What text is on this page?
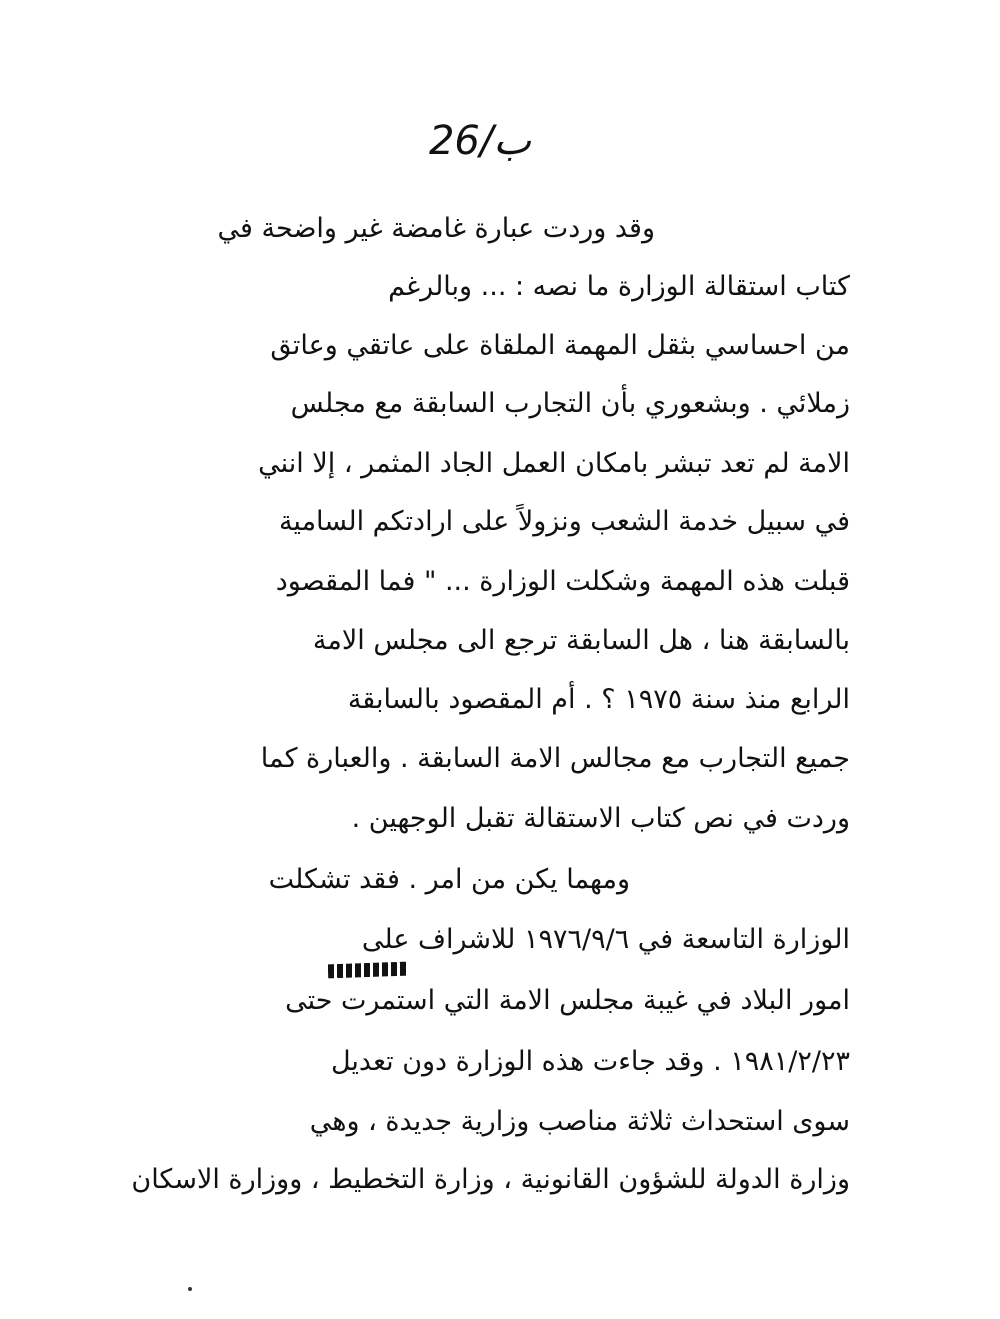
26/ب
وقد وردت عبارة غامضة غير واضحة في
كتاب استقالة الوزارة ما نصه : ... وبالرغم
من احساسي بثقل المهمة الملقاة على عاتقي وعاتق
زملائي . وبشعوري بأن التجارب السابقة مع مجلس
الامة لم تعد تبشر بامكان العمل الجاد المثمر ، إلا انني
في سبيل خدمة الشعب ونزولاً على ارادتكم السامية
قبلت هذه المهمة وشكلت الوزارة ... " فما المقصود
بالسابقة هنا ، هل السابقة ترجع الى مجلس الامة
الرابع منذ سنة ١٩٧٥ ؟ . أم المقصود بالسابقة
جميع التجارب مع مجالس الامة السابقة . والعبارة كما
وردت في نص كتاب الاستقالة تقبل الوجهين .
ومهما يكن من امر . فقد تشكلت
الوزارة التاسعة في ١٩٧٦/٩/٦ للاشراف على
امور البلاد في غيبة مجلس الامة التي استمرت حتى
١٩٨١/٢/٢٣ . وقد جاءت هذه الوزارة دون تعديل
سوى استحداث ثلاثة مناصب وزارية جديدة ، وهي
وزارة الدولة للشؤون القانونية ، وزارة التخطيط ، ووزارة الاسكان
